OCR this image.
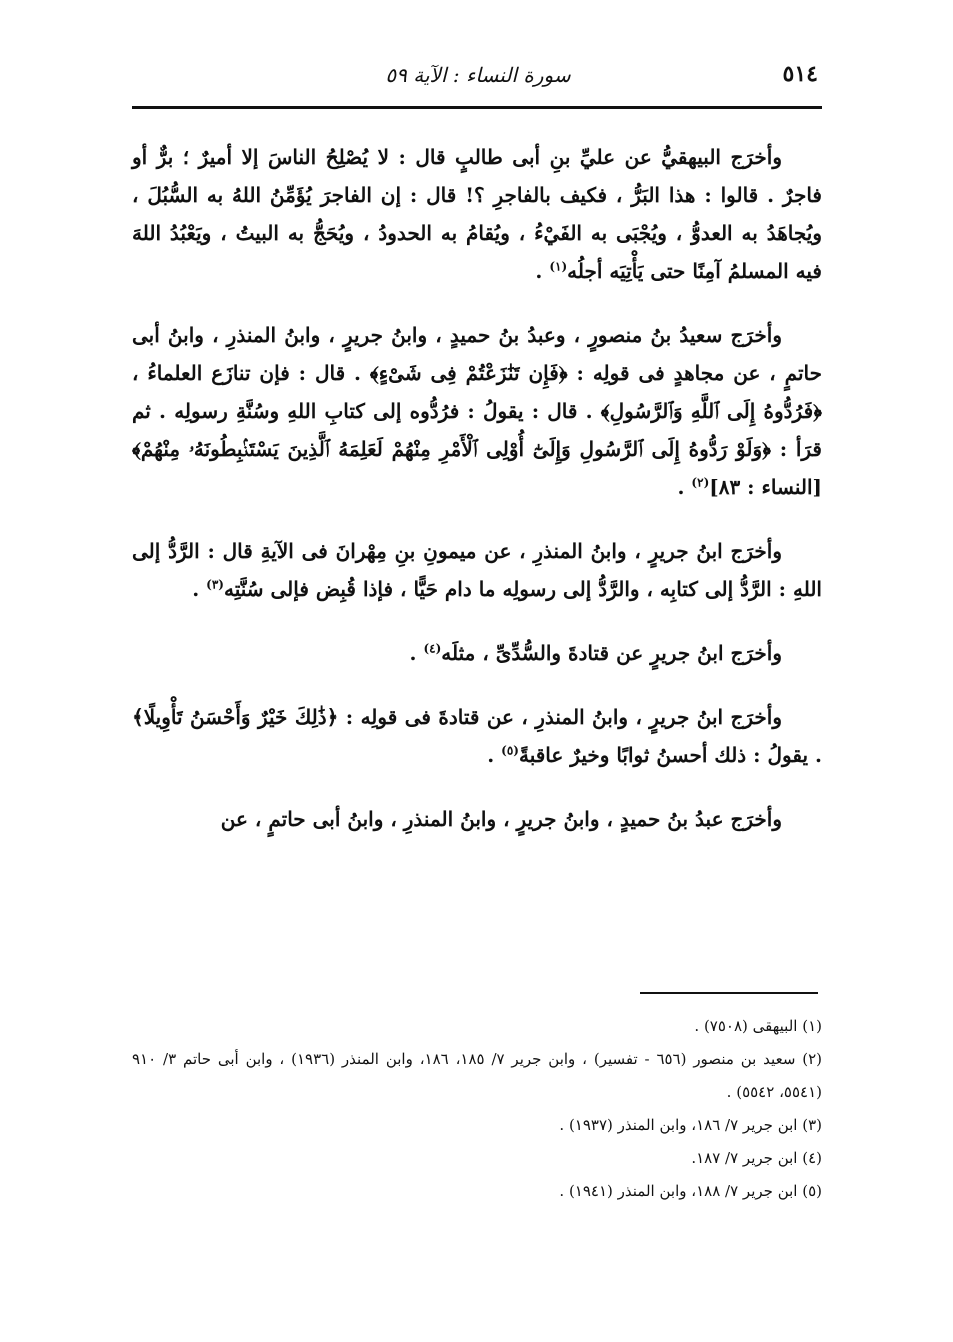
٥١٤
سورة النساء : الآية ٥٩

وأخرَج البيهقيُّ عن عليِّ بنِ أبى طالبٍ قال : لا يُصْلِحُ الناسَ إلا أميرٌ ؛ برٌّ أو فاجرٌ . قالوا : هذا البَرُّ ، فكيف بالفاجرِ ؟! قال : إن الفاجرَ يُؤَمِّنُ اللهُ به السُّبُلَ ، ويُجاهَدُ به العدوُّ ، ويُجْبَى به الفَيْءُ ، ويُقامُ به الحدودُ ، ويُحَجُّ به البيتُ ، ويَعْبُدُ اللهَ فيه المسلمُ آمِنًا حتى يَأْتِيَه أجلُه$^{(١)}$ .

وأخرَج سعيدُ بنُ منصورٍ ، وعبدُ بنُ حميدٍ ، وابنُ جريرٍ ، وابنُ المنذرِ ، وابنُ أبى حاتمٍ ، عن مجاهدٍ فى قولِه : ﴿فَإِن تَنَٰزَعْتُمْ فِى شَىْءٍ﴾ . قال : فإن تنازَع العلماءُ ، ﴿فَرُدُّوهُ إِلَى ٱللَّهِ وَٱلرَّسُولِ﴾ . قال : يقولُ : فرُدُّوه إلى كتابِ اللهِ وسُنَّةِ رسولِه . ثم قرَأ : ﴿وَلَوْ رَدُّوهُ إِلَى ٱلرَّسُولِ وَإِلَىٰٓ أُوْلِى ٱلْأَمْرِ مِنْهُمْ لَعَلِمَهُ ٱلَّذِينَ يَسْتَنۢبِطُونَهُۥ مِنْهُمْ﴾ [النساء : ٨٣]$^{(٢)}$ .

وأخرَج ابنُ جريرٍ ، وابنُ المنذرِ ، عن ميمونِ بنِ مِهْرانَ فى الآيةِ قال : الرَّدُّ إلى اللهِ : الرَّدُّ إلى كتابِه ، والرَّدُّ إلى رسولِه ما دام حَيًّا ، فإذا قُبِض فإلى سُنَّتِه$^{(٣)}$ .

وأخرَج ابنُ جريرٍ عن قتادةَ والسُّدِّىِّ ، مثلَه$^{(٤)}$ .

وأخرَج ابنُ جريرٍ ، وابنُ المنذرِ ، عن قتادةَ فى قولِه : ﴿ذَٰلِكَ خَيْرٌ وَأَحْسَنُ تَأْوِيلًا﴾ . يقولُ : ذلك أحسنُ ثوابًا وخيرٌ عاقبةً$^{(٥)}$ .

وأخرَج عبدُ بنُ حميدٍ ، وابنُ جريرٍ ، وابنُ المنذرِ ، وابنُ أبى حاتمٍ ، عن

(١) البيهقى (٧٥٠٨) .

(٢) سعيد بن منصور (٦٥٦ - تفسير) ، وابن جرير ٧/ ١٨٥، ١٨٦، وابن المنذر (١٩٣٦) ، وابن أبى حاتم ٣/ ٩١٠ (٥٥٤١، ٥٥٤٢) .

(٣) ابن جرير ٧/ ١٨٦، وابن المنذر (١٩٣٧) .

(٤) ابن جرير ٧/ ١٨٧.

(٥) ابن جرير ٧/ ١٨٨، وابن المنذر (١٩٤١) .
